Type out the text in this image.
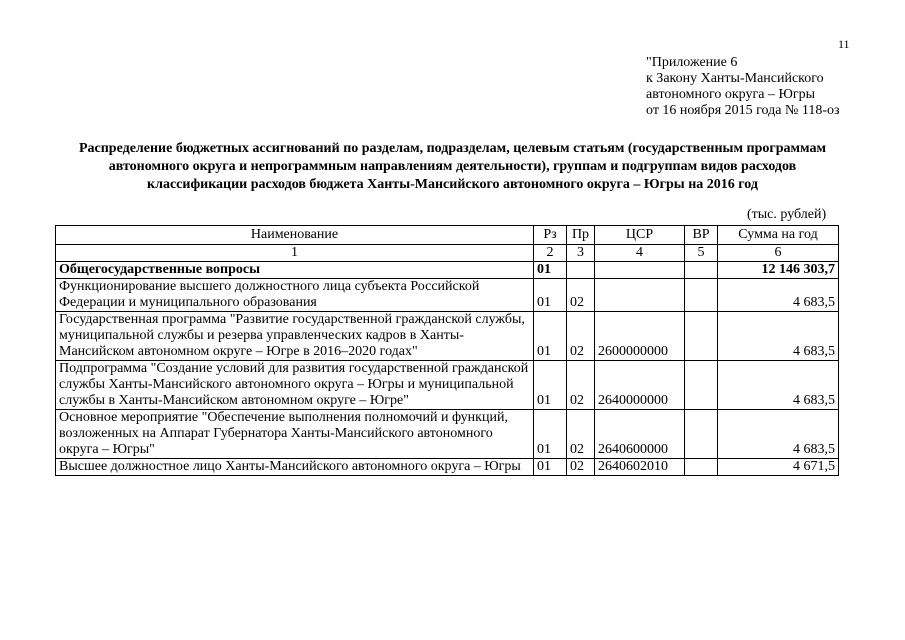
11
"Приложение 6
к Закону Ханты-Мансийского
автономного округа – Югры
от 16 ноября 2015 года № 118-оз
Распределение бюджетных ассигнований по разделам, подразделам, целевым статьям (государственным программам
автономного округа и непрограммным направлениям деятельности), группам и подгруппам видов расходов
классификации расходов бюджета Ханты-Мансийского автономного округа – Югры на 2016 год
(тыс. рублей)
Наименование	Рз	Пр	ЦСР	ВР	Сумма на год
1	2	3	4	5	6
Общегосударственные вопросы	01				12 146 303,7
Функционирование высшего должностного лица субъекта Российской Федерации и муниципального образования	01	02			4 683,5
Государственная программа "Развитие государственной гражданской службы, муниципальной службы и резерва управленческих кадров в Ханты-Мансийском автономном округе – Югре в 2016–2020 годах"	01	02	2600000000		4 683,5
Подпрограмма "Создание условий для развития государственной гражданской службы Ханты-Мансийского автономного округа – Югры и муниципальной службы в Ханты-Мансийском автономном округе – Югре"	01	02	2640000000		4 683,5
Основное мероприятие "Обеспечение выполнения полномочий и функций, возложенных на Аппарат Губернатора Ханты-Мансийского автономного округа – Югры"	01	02	2640600000		4 683,5
Высшее должностное лицо Ханты-Мансийского автономного округа – Югры	01	02	2640602010		4 671,5
